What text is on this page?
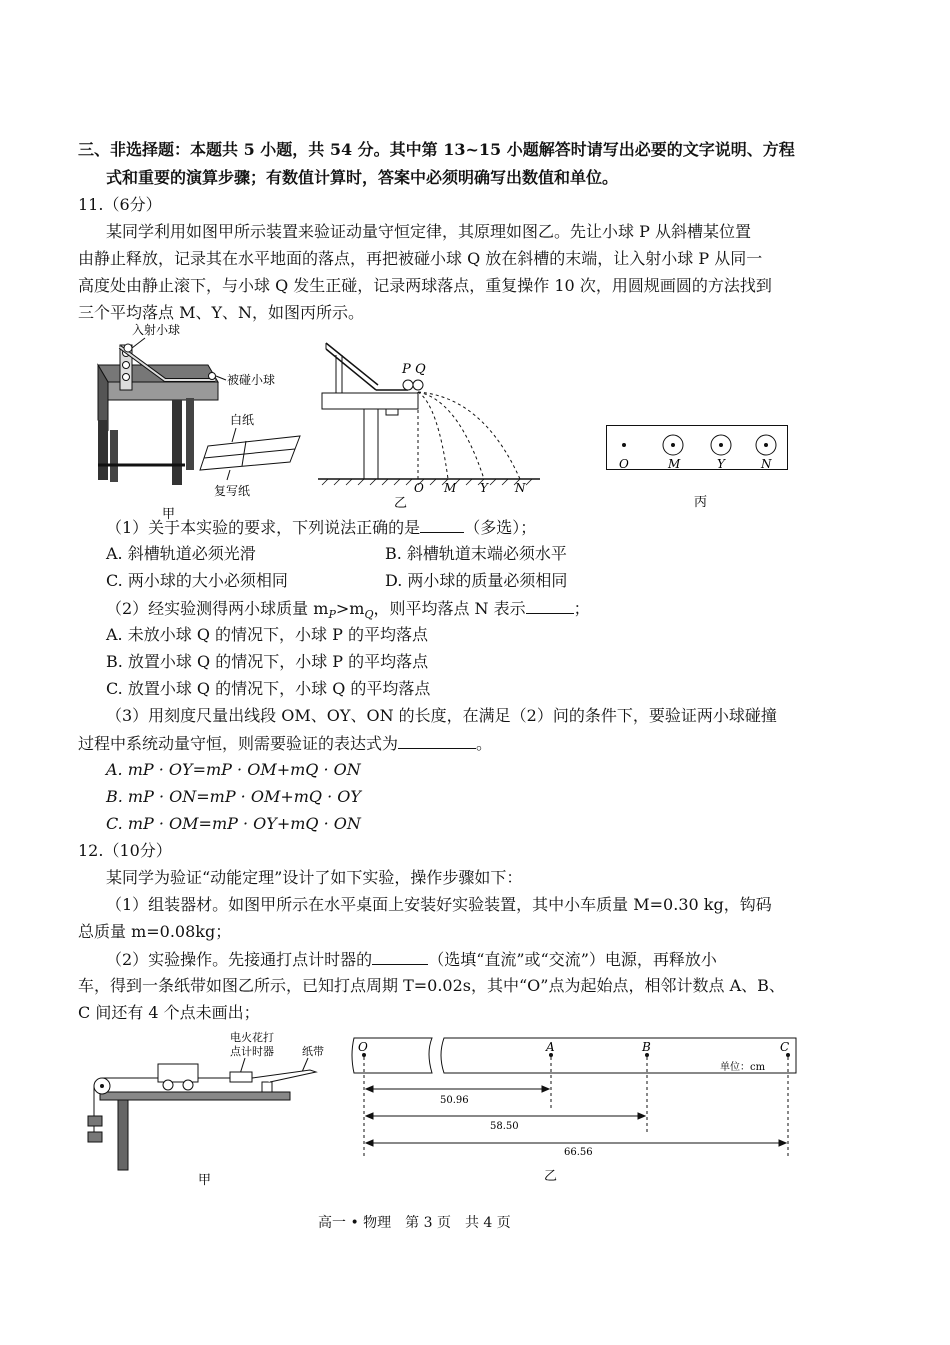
三、非选择题：本题共 5 小题，共 54 分。其中第 13~15 小题解答时请写出必要的文字说明、方程
式和重要的演算步骤；有数值计算时，答案中必须明确写出数值和单位。
11.（6分）
某同学利用如图甲所示装置来验证动量守恒定律，其原理如图乙。先让小球 P 从斜槽某位置
由静止释放，记录其在水平地面的落点，再把被碰小球 Q 放在斜槽的末端，让入射小球 P 从同一
高度处由静止滚下，与小球 Q 发生正碰，记录两球落点，重复操作 10 次，用圆规画圆的方法找到
三个平均落点 M、Y、N，如图丙所示。
入射小球
被碰小球
白纸
复写纸
甲
P Q
O M Y N
乙
O	M	Y	N
丙
（1）关于本实验的要求，下列说法正确的是	（多选）；
A. 斜槽轨道必须光滑	B. 斜槽轨道末端必须水平
C. 两小球的大小必须相同	D. 两小球的质量必须相同
（2）经实验测得两小球质量 $m_P>m_Q$，则平均落点 N 表示	；
A. 未放小球 Q 的情况下，小球 P 的平均落点
B. 放置小球 Q 的情况下，小球 P 的平均落点
C. 放置小球 Q 的情况下，小球 Q 的平均落点
（3）用刻度尺量出线段 OM、OY、ON 的长度，在满足（2）问的条件下，要验证两小球碰撞
过程中系统动量守恒，则需要验证的表达式为	。
A. mP · OY=mP · OM+mQ · ON
B. mP · ON=mP · OM+mQ · OY
C. mP · OM=mP · OY+mQ · ON
12.（10分）
某同学为验证“动能定理”设计了如下实验，操作步骤如下：
（1）组装器材。如图甲所示在水平桌面上安装好实验装置，其中小车质量 M=0.30 kg，钩码
总质量 m=0.08kg；
（2）实验操作。先接通打点计时器的	（选填“直流”或“交流”）电源，再释放小
车，得到一条纸带如图乙所示，已知打点周期 T=0.02s，其中“O”点为起始点，相邻计数点 A、B、
C 间还有 4 个点未画出；
电火花打
点计时器	纸带
甲
O	A	B	C
单位：cm
50.96
58.50
66.56
乙
高一 • 物理　第 3 页　共 4 页
